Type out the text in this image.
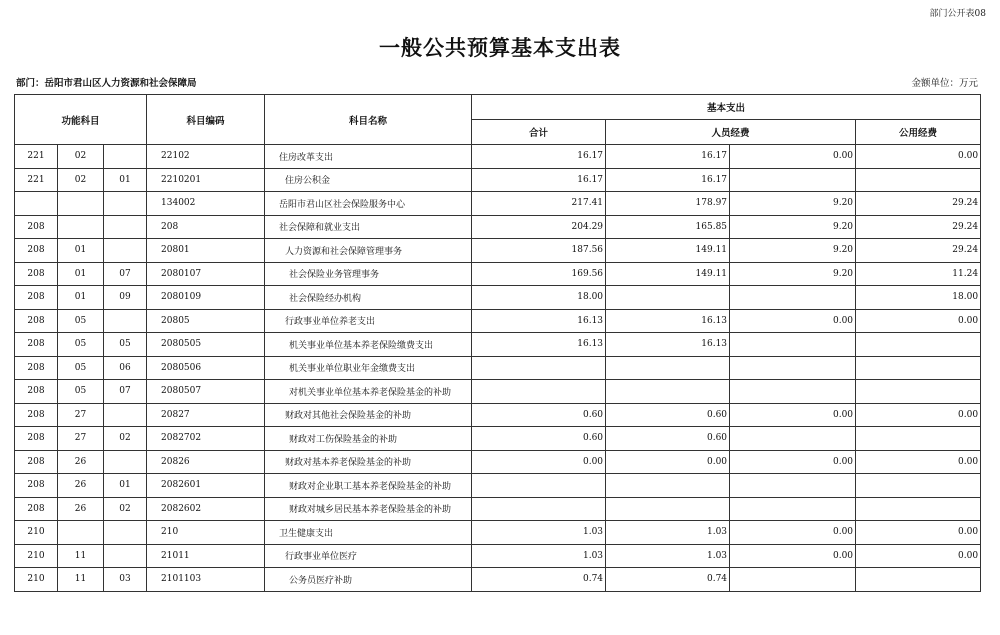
部门公开表08
一般公共预算基本支出表
部门：岳阳市君山区人力资源和社会保障局	金额单位：万元
功能科目			科目编码	科目名称	基本支出			
					合计	人员经费		公用经费
221	02		22102	住房改革支出	16.17	16.17	0.00	0.00
221	02	01	2210201	住房公积金	16.17	16.17		
			134002	岳阳市君山区社会保险服务中心	217.41	178.97	9.20	29.24
208			208	社会保障和就业支出	204.29	165.85	9.20	29.24
208	01		20801	人力资源和社会保障管理事务	187.56	149.11	9.20	29.24
208	01	07	2080107	社会保险业务管理事务	169.56	149.11	9.20	11.24
208	01	09	2080109	社会保险经办机构	18.00			18.00
208	05		20805	行政事业单位养老支出	16.13	16.13	0.00	0.00
208	05	05	2080505	机关事业单位基本养老保险缴费支出	16.13	16.13		
208	05	06	2080506	机关事业单位职业年金缴费支出				
208	05	07	2080507	对机关事业单位基本养老保险基金的补助				
208	27		20827	财政对其他社会保险基金的补助	0.60	0.60	0.00	0.00
208	27	02	2082702	财政对工伤保险基金的补助	0.60	0.60		
208	26		20826	财政对基本养老保险基金的补助	0.00	0.00	0.00	0.00
208	26	01	2082601	财政对企业职工基本养老保险基金的补助				
208	26	02	2082602	财政对城乡居民基本养老保险基金的补助				
210			210	卫生健康支出	1.03	1.03	0.00	0.00
210	11		21011	行政事业单位医疗	1.03	1.03	0.00	0.00
210	11	03	2101103	公务员医疗补助	0.74	0.74		
